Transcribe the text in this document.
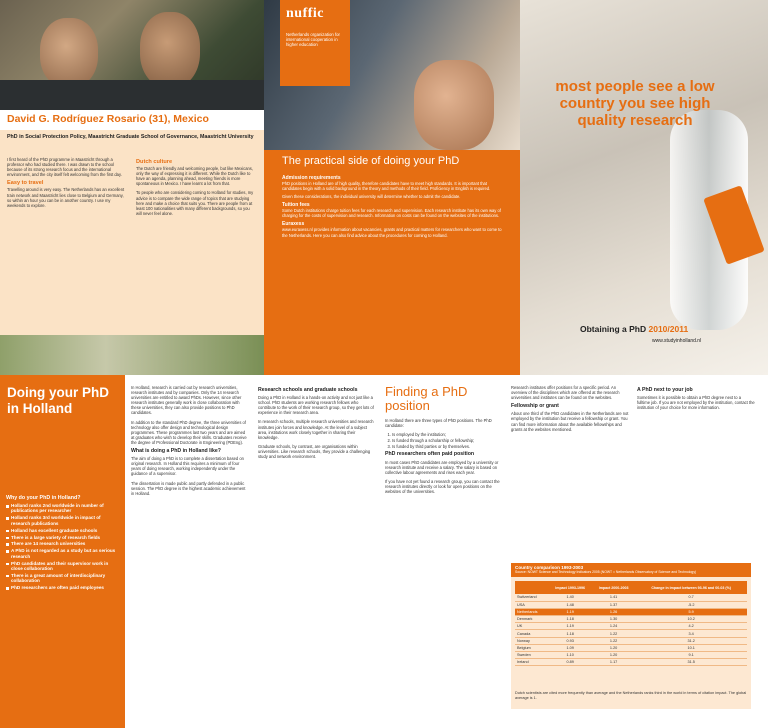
David G. Rodríguez Rosario (31), Mexico
PhD in Social Protection Policy, Maastricht Graduate School of Governance, Maastricht University

I first heard of the PhD programme in Maastricht through a professor who had studied there. I was drawn to the school because of its strong research focus and the international environment, and the city itself felt welcoming from the first day.

Easy to travel

Travelling around is very easy. The Netherlands has an excellent train network and Maastricht lies close to Belgium and Germany, so within an hour you can be in another country. I use my weekends to explore.

Dutch culture

The Dutch are friendly and welcoming people, but like Mexicans, only the way of expressing it is different. While the Dutch like to have an agenda, planning ahead, meeting friends is more spontaneous in Mexico. I have learnt a lot from that.

To people who are considering coming to Holland for studies, my advice is to compare the wide range of topics that are studying here and make a choice that suits you. There are people from at least 100 nationalities with many different backgrounds, so you will never feel alone.

nuffic
Netherlands organization for international cooperation in higher education
The practical side of doing your PhD
Admission requirements

PhD positions in Holland are of high quality, therefore candidates have to meet high standards. It is important that candidates begin with a solid background in the theory and methods of their field. Proficiency in English is required.

Given these considerations, the individual university will determine whether to admit the candidate.

Tuition fees

Some Dutch institutions charge tuition fees for each research and supervision. Each research institute has its own way of charging for the costs of supervision and research. Information on costs can be found on the websites of the institutions.

Euraxess

www.euraxess.nl provides information about vacancies, grants and practical matters for researchers who want to come to the Netherlands. Here you can also find advice about the procedures for coming to Holland.

most people see a low country you see high quality research
Obtaining a PhD 2010/2011
www.studyinholland.nl
Doing your PhD in Holland
Why do your PhD in Holland?
Holland ranks 2nd worldwide in number of publications per researcher
Holland ranks 3rd worldwide in impact of research publications
Holland has excellent graduate schools
There is a large variety of research fields
There are 14 research universities
A PhD is not regarded as a study but as serious research
PhD candidates and their supervisor work in close collaboration
There is a great amount of interdisciplinary collaboration
PhD researchers are often paid employees

In Holland, research is carried out by research universities, research institutes and by companies. Only the 14 research universities are entitled to award PhDs. However, since other research institutes generally work in close collaboration with these universities, they can also provide positions to PhD candidates.

In addition to the standard PhD degree, the three universities of technology also offer design and technological design programmes. These programmes last two years and are aimed at graduates who wish to develop their skills. Graduates receive the degree of Professional Doctorate in Engineering (PDEng).

What is doing a PhD in Holland like?

The aim of doing a PhD is to complete a dissertation based on original research. In Holland this requires a minimum of four years of doing research, working independently under the guidance of a supervisor.

The dissertation is made public and partly defended in a public session. The PhD degree is the highest academic achievement in Holland.

Research schools and graduate schools

Doing a PhD in Holland is a hands-on activity and not just like a school. PhD students are working research fellows who contribute to the work of their research group, so they get lots of experience in their research area.

In research schools, multiple research universities and research institutes join forces and knowledge. At the level of a subject area, institutions work closely together in sharing their knowledge.

Graduate schools, by contrast, are organisations within universities. Like research schools, they provide a challenging study and network environment.

Finding a PhD position

In Holland there are three types of PhD positions. The PhD candidate:

1. Is employed by the institution;
2. Is funded through a scholarship or fellowship;
3. Is funded by third parties or by themselves.
PhD researchers often paid position

In most cases PhD candidates are employed by a university or research institute and receive a salary. The salary is based on collective labour agreements and rises each year.

If you have not yet found a research group, you can contact the research institutes directly or look for open positions on the websites of the universities.

Research institutes offer positions for a specific period. An overview of the disciplines which are offered at the research universities and institutes can be found on the websites.

Fellowship or grant

About one third of the PhD candidates in the Netherlands are not employed by the institution but receive a fellowship or grant. You can find more information about the available fellowships and grants at the websites mentioned.

A PhD next to your job

Sometimes it is possible to obtain a PhD degree next to a fulltime job. If you are not employed by the institution, contact the institution of your choice for more information.

Country comparison 1993-2003
Source: NOWT Science and Technology Indicators 2005 (NOWT = Netherlands Observatory of Science and Technology)
	Impact 1993-1996	Impact 2000-2003	Change in impact between 93-96 and 00-03 (%)
Switzerland	1.40	1.41	0.7
USA	1.48	1.37	-5.2
Netherlands	1.19	1.26	5.9
Denmark	1.18	1.30	10.2
UK	1.19	1.24	4.2
Canada	1.18	1.22	3.4
Norway	0.93	1.22	31.2
Belgium	1.09	1.20	10.1
Sweden	1.10	1.20	9.1
Ireland	0.89	1.17	31.5
Dutch scientists are cited more frequently than average and the Netherlands ranks third in the world in terms of citation impact. The global average is 1.
